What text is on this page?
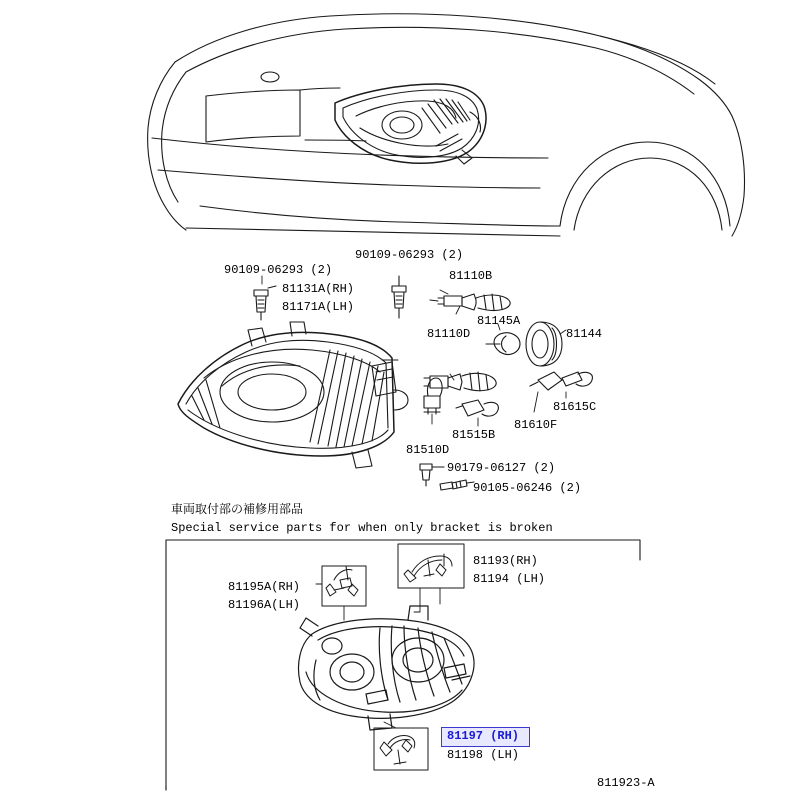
90109-06293 (2)
90109-06293 (2)
81131A(RH)
81171A(LH)
81110B
81145A
81144
81110D
81615C
81610F
81515B
81510D
90179-06127 (2)
90105-06246 (2)
車両取付部の補修用部品
Special service parts for when only bracket is broken
81193(RH)
81194 (LH)
81195A(RH)
81196A(LH)
81197 (RH)
81198 (LH)
811923-A
